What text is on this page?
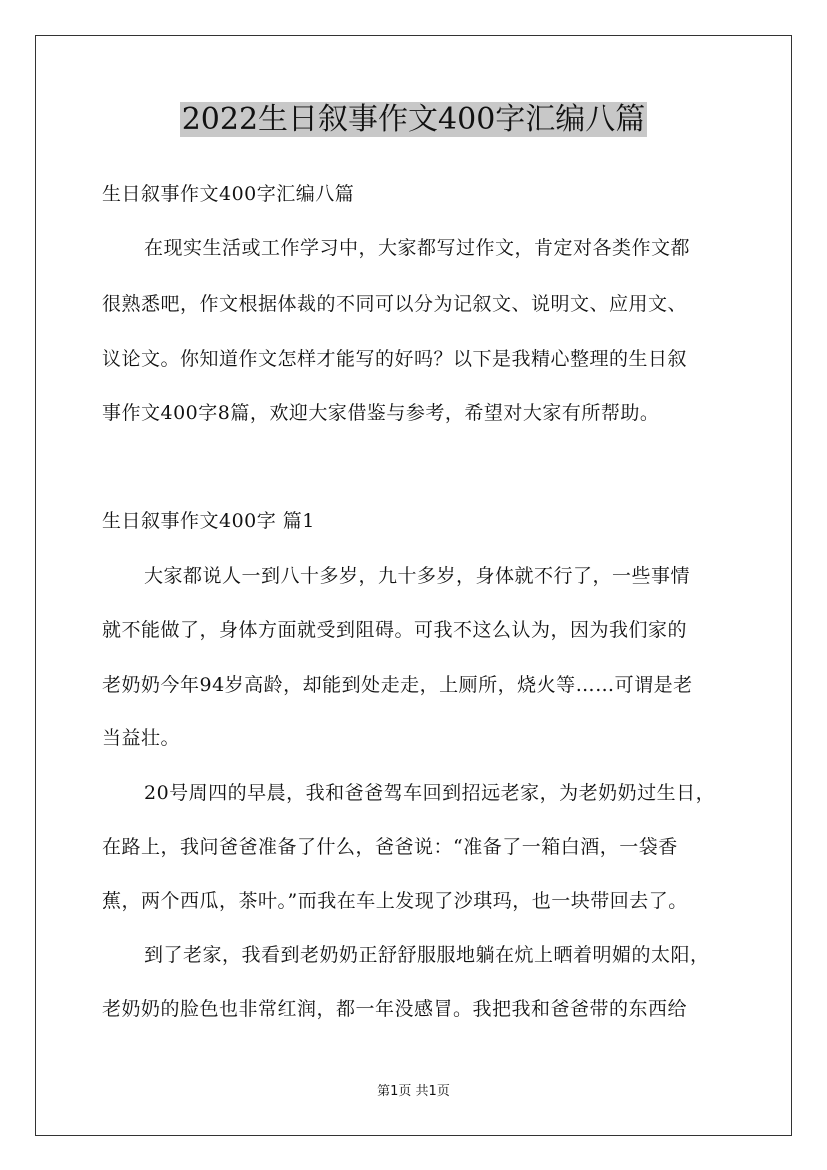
2022生日叙事作文400字汇编八篇
生日叙事作文400字汇编八篇
在现实生活或工作学习中，大家都写过作文，肯定对各类作文都
很熟悉吧，作文根据体裁的不同可以分为记叙文、说明文、应用文、
议论文。你知道作文怎样才能写的好吗？以下是我精心整理的生日叙
事作文400字8篇，欢迎大家借鉴与参考，希望对大家有所帮助。
生日叙事作文400字 篇1
大家都说人一到八十多岁，九十多岁，身体就不行了，一些事情
就不能做了，身体方面就受到阻碍。可我不这么认为，因为我们家的
老奶奶今年94岁高龄，却能到处走走，上厕所，烧火等……可谓是老
当益壮。
20号周四的早晨，我和爸爸驾车回到招远老家，为老奶奶过生日，
在路上，我问爸爸准备了什么，爸爸说：“准备了一箱白酒，一袋香
蕉，两个西瓜，茶叶。”而我在车上发现了沙琪玛，也一块带回去了。
到了老家，我看到老奶奶正舒舒服服地躺在炕上晒着明媚的太阳，
老奶奶的脸色也非常红润，都一年没感冒。我把我和爸爸带的东西给
第1页 共1页
